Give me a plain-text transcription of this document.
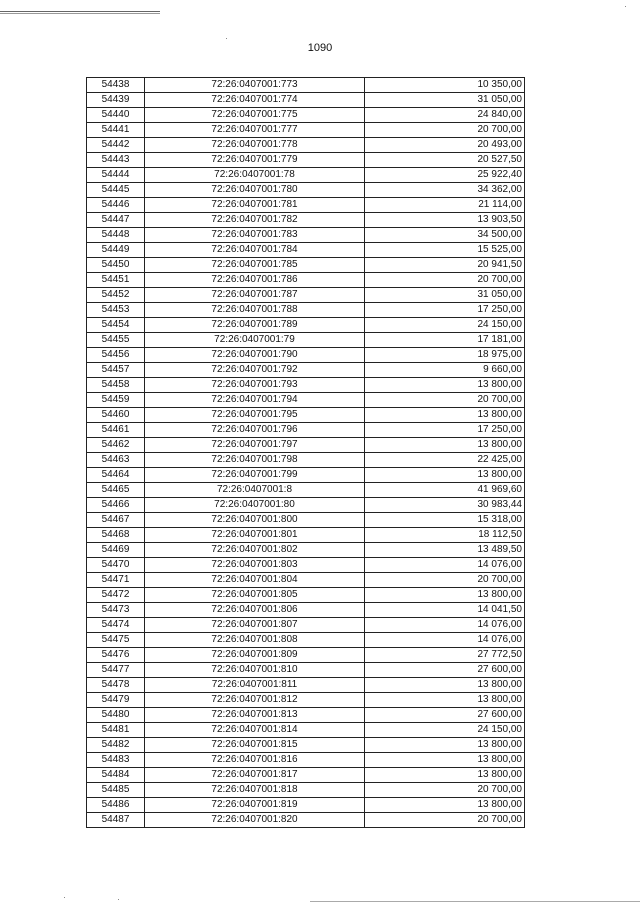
1090
54438	72:26:0407001:773	10 350,00
54439	72:26:0407001:774	31 050,00
54440	72:26:0407001:775	24 840,00
54441	72:26:0407001:777	20 700,00
54442	72:26:0407001:778	20 493,00
54443	72:26:0407001:779	20 527,50
54444	72:26:0407001:78	25 922,40
54445	72:26:0407001:780	34 362,00
54446	72:26:0407001:781	21 114,00
54447	72:26:0407001:782	13 903,50
54448	72:26:0407001:783	34 500,00
54449	72:26:0407001:784	15 525,00
54450	72:26:0407001:785	20 941,50
54451	72:26:0407001:786	20 700,00
54452	72:26:0407001:787	31 050,00
54453	72:26:0407001:788	17 250,00
54454	72:26:0407001:789	24 150,00
54455	72:26:0407001:79	17 181,00
54456	72:26:0407001:790	18 975,00
54457	72:26:0407001:792	9 660,00
54458	72:26:0407001:793	13 800,00
54459	72:26:0407001:794	20 700,00
54460	72:26:0407001:795	13 800,00
54461	72:26:0407001:796	17 250,00
54462	72:26:0407001:797	13 800,00
54463	72:26:0407001:798	22 425,00
54464	72:26:0407001:799	13 800,00
54465	72:26:0407001:8	41 969,60
54466	72:26:0407001:80	30 983,44
54467	72:26:0407001:800	15 318,00
54468	72:26:0407001:801	18 112,50
54469	72:26:0407001:802	13 489,50
54470	72:26:0407001:803	14 076,00
54471	72:26:0407001:804	20 700,00
54472	72:26:0407001:805	13 800,00
54473	72:26:0407001:806	14 041,50
54474	72:26:0407001:807	14 076,00
54475	72:26:0407001:808	14 076,00
54476	72:26:0407001:809	27 772,50
54477	72:26:0407001:810	27 600,00
54478	72:26:0407001:811	13 800,00
54479	72:26:0407001:812	13 800,00
54480	72:26:0407001:813	27 600,00
54481	72:26:0407001:814	24 150,00
54482	72:26:0407001:815	13 800,00
54483	72:26:0407001:816	13 800,00
54484	72:26:0407001:817	13 800,00
54485	72:26:0407001:818	20 700,00
54486	72:26:0407001:819	13 800,00
54487	72:26:0407001:820	20 700,00
